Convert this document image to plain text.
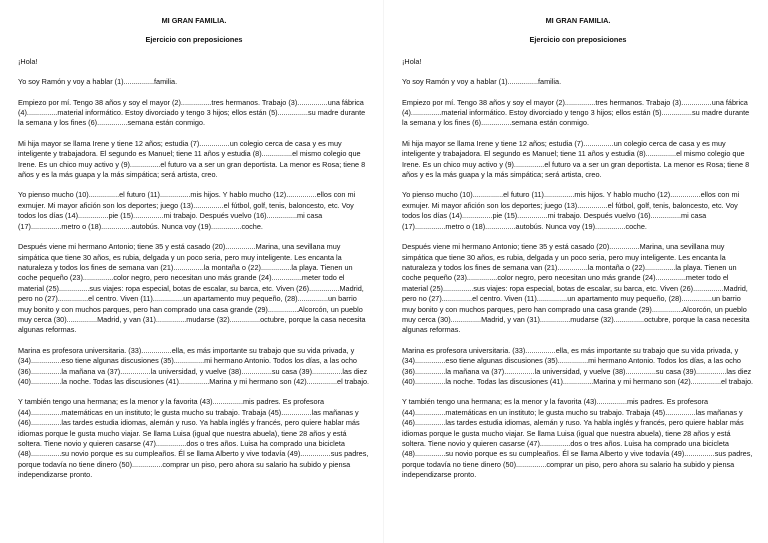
MI GRAN FAMILIA.
Ejercicio con preposiciones
¡Hola!
Yo soy Ramón y voy a hablar (1)...............familia.
Empiezo por mí. Tengo 38 años y soy el mayor (2)...............tres hermanos. Trabajo (3)...............una fábrica (4)...............material informático. Estoy divorciado y tengo 3 hijos; ellos están (5)...............su madre durante la semana y los fines (6)...............semana están conmigo.
Mi hija mayor se llama Irene y tiene 12 años; estudia (7)...............un colegio cerca de casa y es muy inteligente y trabajadora. El segundo es Manuel; tiene 11 años y estudia (8)...............el mismo colegio que Irene. Es un chico muy activo y (9)...............el futuro va a ser un gran deportista. La menor es Rosa; tiene 8 años y es la más guapa y la más simpática; será artista, creo.
Yo pienso mucho (10)...............el futuro (11)...............mis hijos. Y hablo mucho (12)...............ellos con mi exmujer. Mi mayor afición son los deportes; juego (13)...............el fútbol, golf, tenis, baloncesto, etc. Voy todos los días (14)...............pie (15)...............mi trabajo. Después vuelvo (16)...............mi casa (17)...............metro o (18)...............autobús. Nunca voy (19)...............coche.
Después viene mi hermano Antonio; tiene 35 y está casado (20)...............Marina, una sevillana muy simpática que tiene 30 años, es rubia, delgada y un poco seria, pero muy inteligente. Les encanta la naturaleza y todos los fines de semana van (21)...............la montaña o (22)...............la playa. Tienen un coche pequeño (23)...............color negro, pero necesitan uno más grande (24)...............meter todo el material (25)...............sus viajes: ropa especial, botas de escalar, su barca, etc. Viven (26)...............Madrid, pero no (27)...............el centro. Viven (11)...............un apartamento muy pequeño, (28)...............un barrio muy bonito y con muchos parques, pero han comprado una casa grande (29)...............Alcorcón, un pueblo muy cerca (30)...............Madrid, y van (31)...............mudarse (32)...............octubre, porque la casa necesita algunas reformas.
Marina es profesora universitaria. (33)...............ella, es más importante su trabajo que su vida privada, y (34)...............eso tiene algunas discusiones (35)...............mi hermano Antonio. Todos los días, a las ocho (36)...............la mañana va (37)...............la universidad, y vuelve (38)...............su casa (39)...............las diez (40)...............la noche. Todas las discusiones (41)...............Marina y mi hermano son (42)...............el trabajo.
Y también tengo una hermana; es la menor y la favorita (43)...............mis padres. Es profesora (44)...............matemáticas en un instituto; le gusta mucho su trabajo. Trabaja (45)...............las mañanas y (46)...............las tardes estudia idiomas, alemán y ruso. Ya habla inglés y francés, pero quiere hablar más idiomas porque le gusta mucho viajar. Se llama Luisa (igual que nuestra abuela), tiene 28 años y está soltera. Tiene novio y quieren casarse (47)...............dos o tres años. Luisa ha comprado una bicicleta (48)...............su novio porque es su cumpleaños. Él se llama Alberto y vive todavía (49)...............sus padres, porque todavía no tiene dinero (50)...............comprar un piso, pero ahora su salario ha subido y piensa independizarse pronto.
MI GRAN FAMILIA.
Ejercicio con preposiciones
¡Hola!
Yo soy Ramón y voy a hablar (1)...............familia.
Empiezo por mí. Tengo 38 años y soy el mayor (2)...............tres hermanos. Trabajo (3)...............una fábrica (4)...............material informático. Estoy divorciado y tengo 3 hijos; ellos están (5)...............su madre durante la semana y los fines (6)...............semana están conmigo.
Mi hija mayor se llama Irene y tiene 12 años; estudia (7)...............un colegio cerca de casa y es muy inteligente y trabajadora. El segundo es Manuel; tiene 11 años y estudia (8)...............el mismo colegio que Irene. Es un chico muy activo y (9)...............el futuro va a ser un gran deportista. La menor es Rosa; tiene 8 años y es la más guapa y la más simpática; será artista, creo.
Yo pienso mucho (10)...............el futuro (11)...............mis hijos. Y hablo mucho (12)...............ellos con mi exmujer. Mi mayor afición son los deportes; juego (13)...............el fútbol, golf, tenis, baloncesto, etc. Voy todos los días (14)...............pie (15)...............mi trabajo. Después vuelvo (16)...............mi casa (17)...............metro o (18)...............autobús. Nunca voy (19)...............coche.
Después viene mi hermano Antonio; tiene 35 y está casado (20)...............Marina, una sevillana muy simpática que tiene 30 años, es rubia, delgada y un poco seria, pero muy inteligente. Les encanta la naturaleza y todos los fines de semana van (21)...............la montaña o (22)...............la playa. Tienen un coche pequeño (23)...............color negro, pero necesitan uno más grande (24)...............meter todo el material (25)...............sus viajes: ropa especial, botas de escalar, su barca, etc. Viven (26)...............Madrid, pero no (27)...............el centro. Viven (11)...............un apartamento muy pequeño, (28)...............un barrio muy bonito y con muchos parques, pero han comprado una casa grande (29)...............Alcorcón, un pueblo muy cerca (30)...............Madrid, y van (31)...............mudarse (32)...............octubre, porque la casa necesita algunas reformas.
Marina es profesora universitaria. (33)...............ella, es más importante su trabajo que su vida privada, y (34)...............eso tiene algunas discusiones (35)...............mi hermano Antonio. Todos los días, a las ocho (36)...............la mañana va (37)...............la universidad, y vuelve (38)...............su casa (39)...............las diez (40)...............la noche. Todas las discusiones (41)...............Marina y mi hermano son (42)...............el trabajo.
Y también tengo una hermana; es la menor y la favorita (43)...............mis padres. Es profesora (44)...............matemáticas en un instituto; le gusta mucho su trabajo. Trabaja (45)...............las mañanas y (46)...............las tardes estudia idiomas, alemán y ruso. Ya habla inglés y francés, pero quiere hablar más idiomas porque le gusta mucho viajar. Se llama Luisa (igual que nuestra abuela), tiene 28 años y está soltera. Tiene novio y quieren casarse (47)...............dos o tres años. Luisa ha comprado una bicicleta (48)...............su novio porque es su cumpleaños. Él se llama Alberto y vive todavía (49)...............sus padres, porque todavía no tiene dinero (50)...............comprar un piso, pero ahora su salario ha subido y piensa independizarse pronto.
